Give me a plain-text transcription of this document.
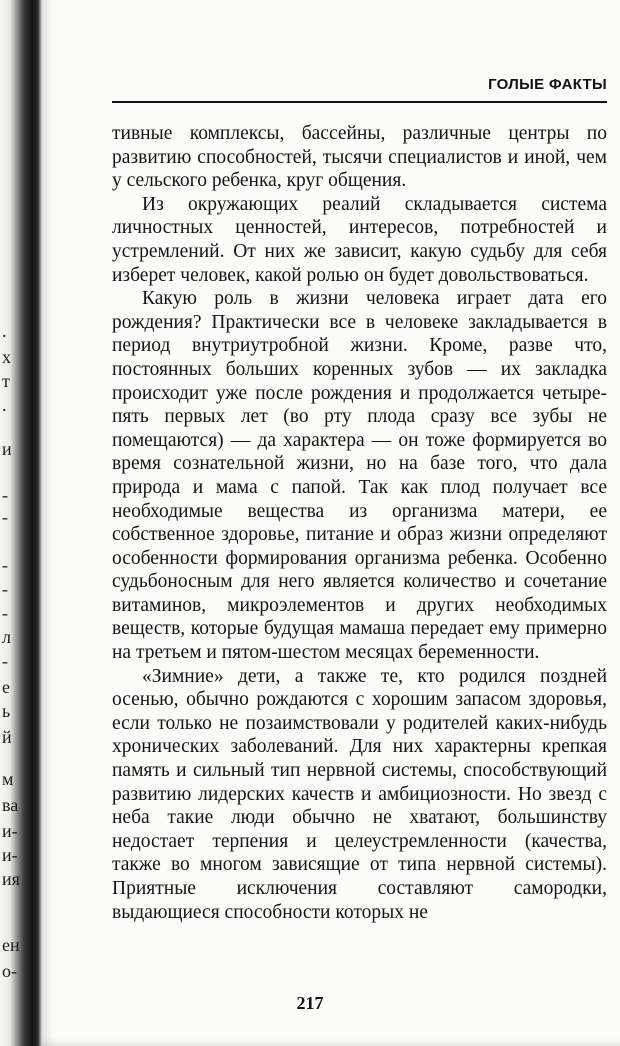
.
х
т
.
и
-
-
-
-
-
л
-
е
ь
й
м
ва
и-
и-
ия
ен
о-
ГОЛЫЕ ФАКТЫ

тивные комплексы, бассейны, различные центры по развитию способностей, тысячи специалистов и иной, чем у сельского ребенка, круг общения.

Из окружающих реалий складывается система личностных ценностей, интересов, потребностей и устремлений. От них же зависит, какую судьбу для себя изберет человек, какой ролью он будет довольствоваться.

Какую роль в жизни человека играет дата его рождения? Практически все в человеке закладывается в период внутриутробной жизни. Кроме, разве что, постоянных больших коренных зубов — их закладка происходит уже после рождения и продолжается четыре-пять первых лет (во рту плода сразу все зубы не помещаются) — да характера — он тоже формируется во время сознательной жизни, но на базе того, что дала природа и мама с папой. Так как плод получает все необходимые вещества из организма матери, ее собственное здоровье, питание и образ жизни определяют особенности формирования организма ребенка. Особенно судьбоносным для него является количество и сочетание витаминов, микроэлементов и других необходимых веществ, которые будущая мамаша передает ему примерно на третьем и пятом-шестом месяцах беременности.

«Зимние» дети, а также те, кто родился поздней осенью, обычно рождаются с хорошим запасом здоровья, если только не позаимствовали у родителей каких-нибудь хронических заболеваний. Для них характерны крепкая память и сильный тип нервной системы, способствующий развитию лидерских качеств и амбициозности. Но звезд с неба такие люди обычно не хватают, большинству недостает терпения и целеустремленности (качества, также во многом зависящие от типа нервной системы). Приятные исключения составляют самородки, выдающиеся способности которых не

217
